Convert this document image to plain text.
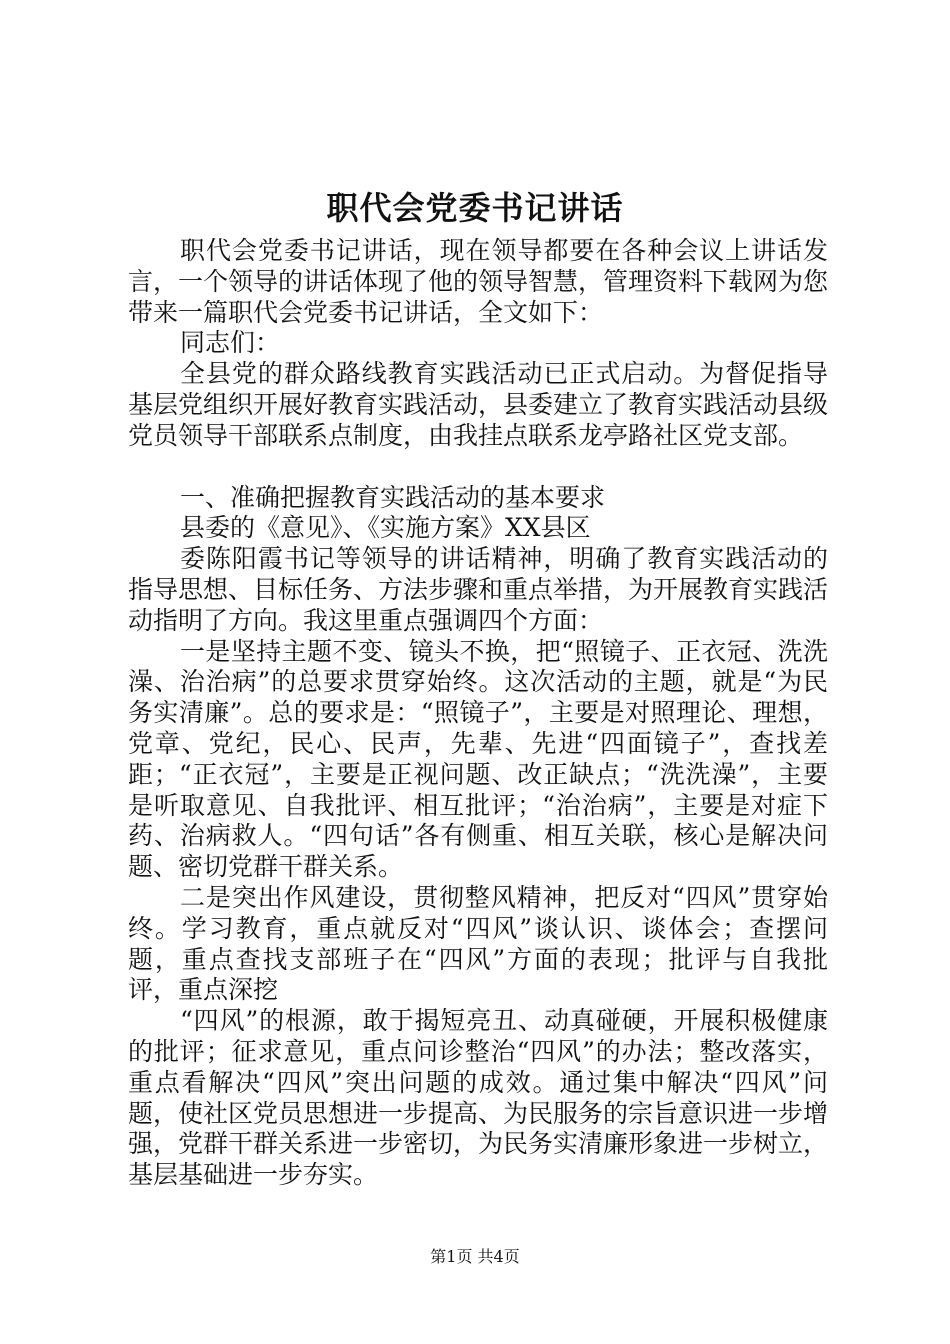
职代会党委书记讲话

职代会党委书记讲话，现在领导都要在各种会议上讲话发言，一个领导的讲话体现了他的领导智慧，管理资料下载网为您带来一篇职代会党委书记讲话，全文如下：

同志们：

全县党的群众路线教育实践活动已正式启动。为督促指导基层党组织开展好教育实践活动，县委建立了教育实践活动县级党员领导干部联系点制度，由我挂点联系龙亭路社区党支部。

一、准确把握教育实践活动的基本要求

县委的《意见》、《实施方案》XX县区

委陈阳霞书记等领导的讲话精神，明确了教育实践活动的指导思想、目标任务、方法步骤和重点举措，为开展教育实践活动指明了方向。我这里重点强调四个方面：

一是坚持主题不变、镜头不换，把“照镜子、正衣冠、洗洗澡、治治病”的总要求贯穿始终。这次活动的主题，就是“为民务实清廉”。总的要求是：“照镜子”，主要是对照理论、理想，党章、党纪，民心、民声，先辈、先进“四面镜子”，查找差距；“正衣冠”，主要是正视问题、改正缺点；“洗洗澡”，主要是听取意见、自我批评、相互批评；“治治病”，主要是对症下药、治病救人。“四句话”各有侧重、相互关联，核心是解决问题、密切党群干群关系。

二是突出作风建设，贯彻整风精神，把反对“四风”贯穿始终。学习教育，重点就反对“四风”谈认识、谈体会；查摆问题，重点查找支部班子在“四风”方面的表现；批评与自我批评，重点深挖

“四风”的根源，敢于揭短亮丑、动真碰硬，开展积极健康的批评；征求意见，重点问诊整治“四风”的办法；整改落实，重点看解决“四风”突出问题的成效。通过集中解决“四风”问题，使社区党员思想进一步提高、为民服务的宗旨意识进一步增强，党群干群关系进一步密切，为民务实清廉形象进一步树立，基层基础进一步夯实。

第1页 共4页
